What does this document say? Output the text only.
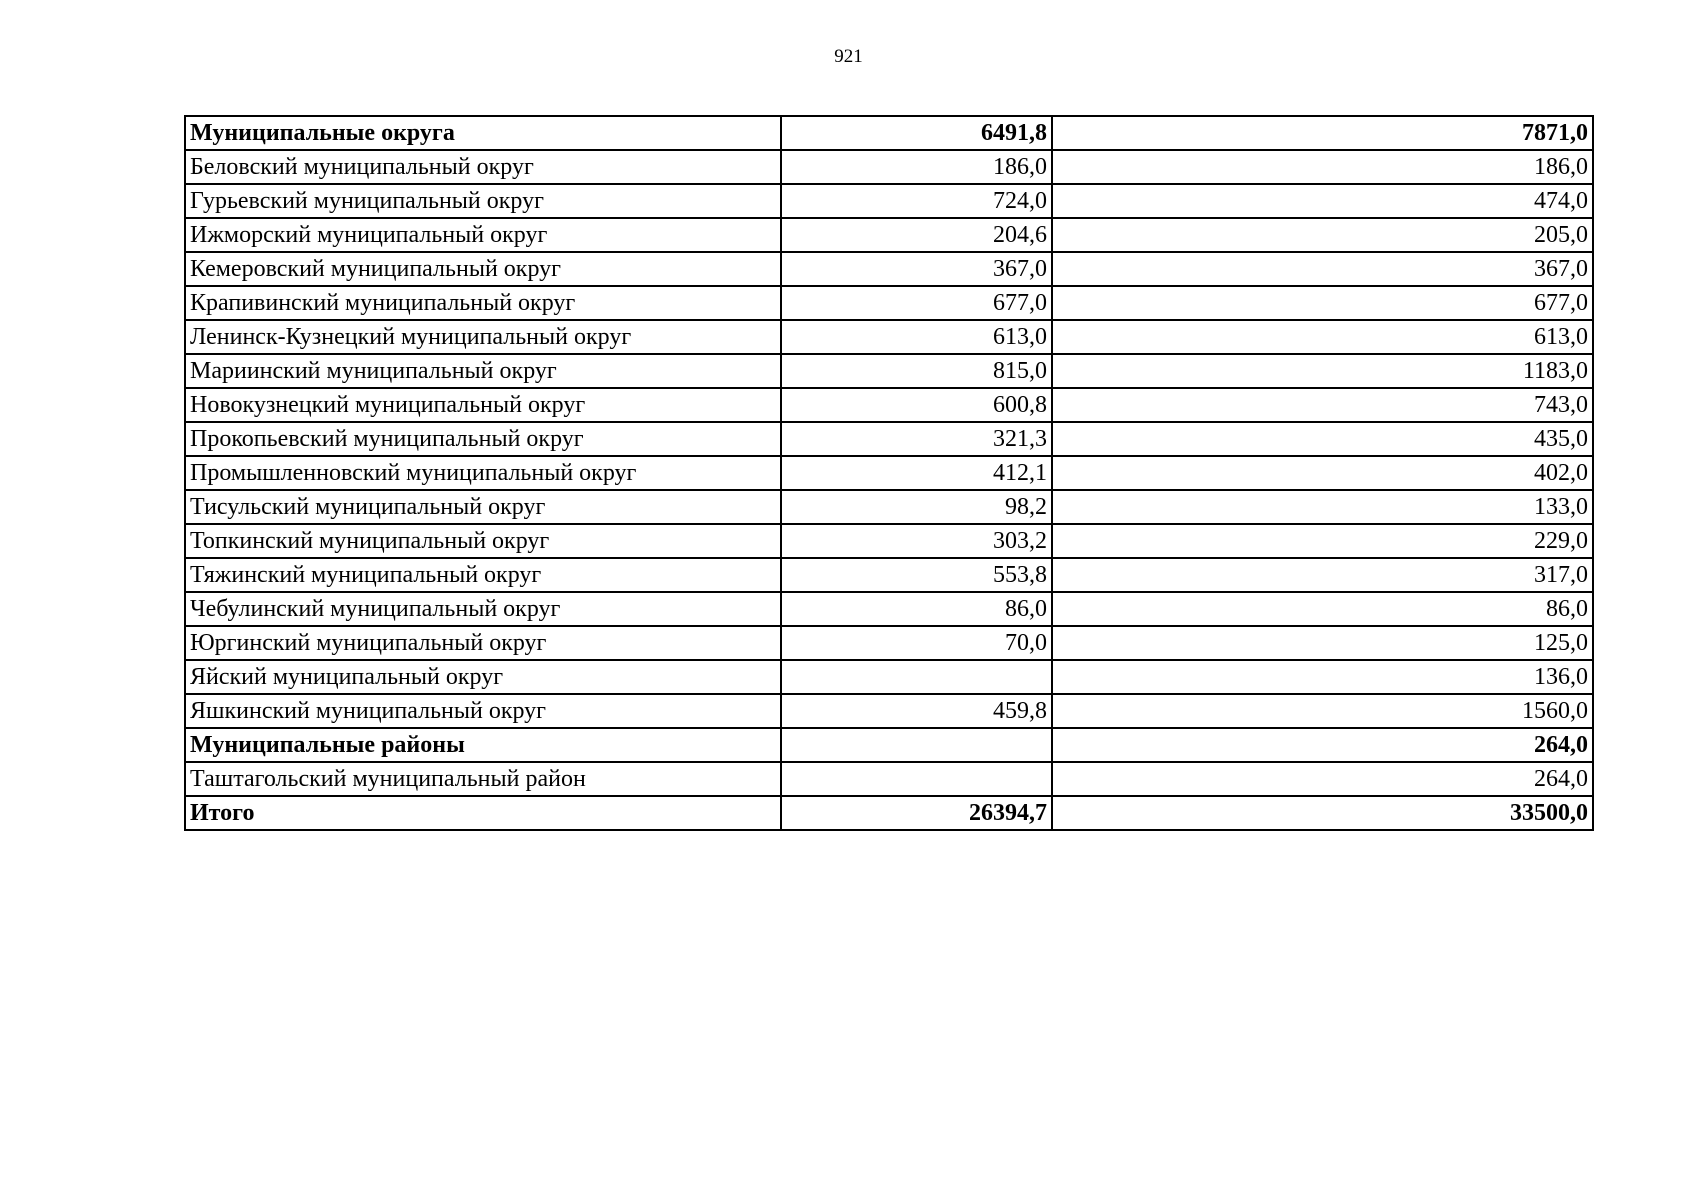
921
Муниципальные округа	6491,8	7871,0
Беловский муниципальный округ	186,0	186,0
Гурьевский муниципальный округ	724,0	474,0
Ижморский муниципальный округ	204,6	205,0
Кемеровский муниципальный округ	367,0	367,0
Крапивинский муниципальный округ	677,0	677,0
Ленинск-Кузнецкий муниципальный округ	613,0	613,0
Мариинский муниципальный округ	815,0	1183,0
Новокузнецкий муниципальный округ	600,8	743,0
Прокопьевский муниципальный округ	321,3	435,0
Промышленновский муниципальный округ	412,1	402,0
Тисульский муниципальный округ	98,2	133,0
Топкинский муниципальный округ	303,2	229,0
Тяжинский муниципальный округ	553,8	317,0
Чебулинский муниципальный округ	86,0	86,0
Юргинский муниципальный округ	70,0	125,0
Яйский муниципальный округ		136,0
Яшкинский муниципальный округ	459,8	1560,0
Муниципальные районы		264,0
Таштагольский муниципальный район		264,0
Итого	26394,7	33500,0
